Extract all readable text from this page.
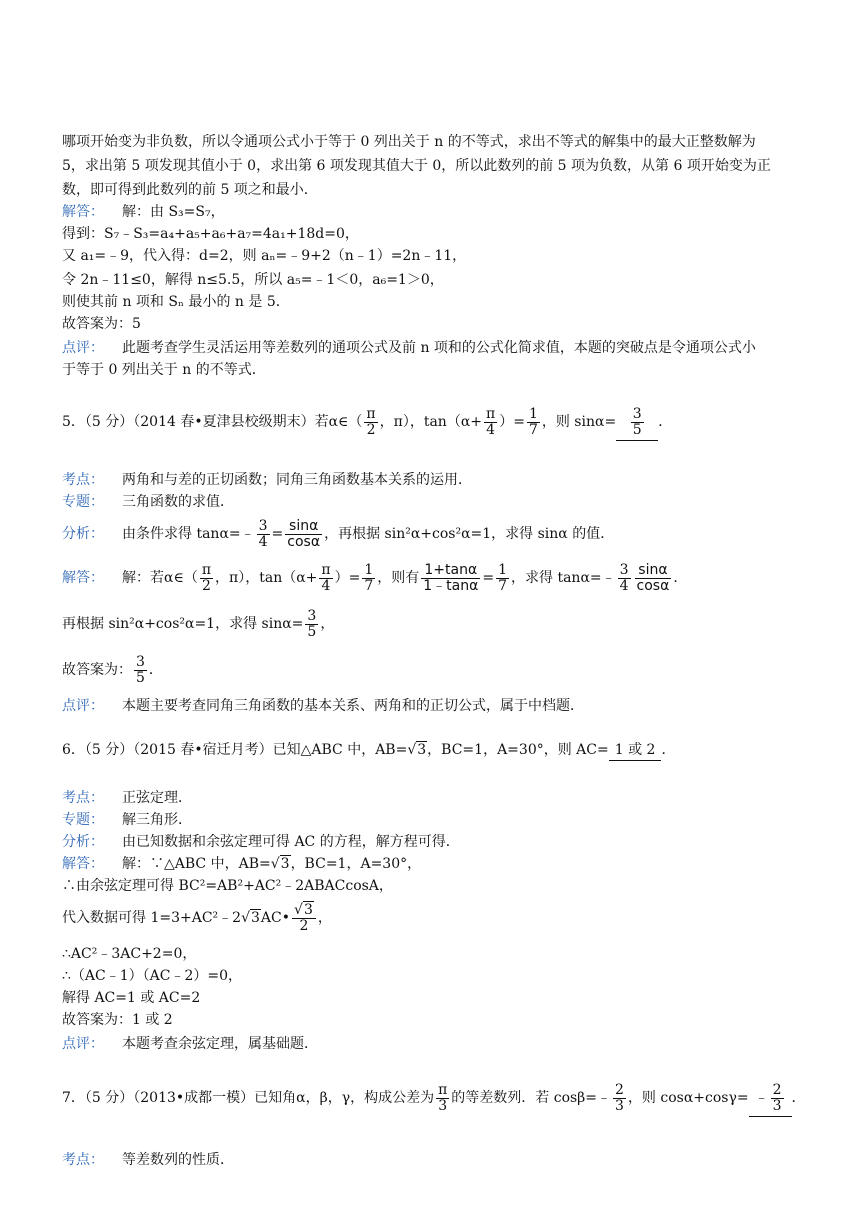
哪项开始变为非负数，所以令通项公式小于等于 0 列出关于 n 的不等式，求出不等式的解集中的最大正整数解为
5，求出第 5 项发现其值小于 0，求出第 6 项发现其值大于 0，所以此数列的前 5 项为负数，从第 6 项开始变为正
数，即可得到此数列的前 5 项之和最小．
解答： 解：由 S₃=S₇，
得到：S₇﹣S₃=a₄+a₅+a₆+a₇=4a₁+18d=0，
又 a₁=﹣9，代入得：d=2，则 aₙ=﹣9+2（n﹣1）=2n﹣11，
令 2n﹣11≤0，解得 n≤5.5，所以 a₅=﹣1＜0，a₆=1＞0，
则使其前 n 项和 Sₙ 最小的 n 是 5．
故答案为：5
点评： 此题考查学生灵活运用等差数列的通项公式及前 n 项和的公式化简求值，本题的突破点是令通项公式小
于等于 0 列出关于 n 的不等式．
5．（5 分）（2014 春•夏津县校级期末）若α∈（ $\frac{\pi}{2}$ ，π），$\tan(\alpha+ \frac{\pi}{4}$ ）= $\frac{1}{7}$ ，则 $\sin\alpha= \frac{3}{5}$ ．
考点： 两角和与差的正切函数；同角三角函数基本关系的运用．
专题： 三角函数的求值．
分析： 由条件求得 tanα=﹣ $\frac{3}{4} = \frac{\sin\alpha}{\cos\alpha}$ ，再根据 sin²α+cos²α=1，求得 sinα 的值．
解答： 解：若α∈（ $\frac{\pi}{2}$ ，π），$\tan(\alpha+ \frac{\pi}{4}$ ）= $\frac{1}{7}$ ，则有 $\frac{1+\tan\alpha}{1﹣\tan\alpha} = \frac{1}{7}$ ，求得 tanα=﹣ $\frac{3}{4} \frac{\sin\alpha}{\cos\alpha}$ ．
再根据 sin²α+cos²α=1，求得 $\sin\alpha= \frac{3}{5}$ ，
故答案为： $\frac{3}{5}$ ．
点评： 本题主要考查同角三角函数的基本关系、两角和的正切公式，属于中档题．
6．（5 分）（2015 春•宿迁月考）已知△ABC 中，AB=√3，BC=1，A=30°，则 AC= 1 或 2 ．
考点： 正弦定理．
专题： 解三角形．
分析： 由已知数据和余弦定理可得 AC 的方程，解方程可得．
解答： 解：∵△ABC 中，AB=√3，BC=1，A=30°，
∴由余弦定理可得 BC²=AB²+AC²﹣2ABACcosA，
代入数据可得 1=3+AC²﹣2√3AC• $\frac{√3}{2}$ ，
∴AC²﹣3AC+2=0，
∴（AC﹣1）（AC﹣2）=0，
解得 AC=1 或 AC=2
故答案为：1 或 2
点评： 本题考查余弦定理，属基础题．
7．（5 分）（2013•成都一模）已知角α，β，γ，构成公差为 $\frac{\pi}{3}$ 的等差数列．若 cosβ=﹣ $\frac{2}{3}$ ，则 cosα+cosγ= ﹣ $\frac{2}{3}$ ．
考点： 等差数列的性质．
